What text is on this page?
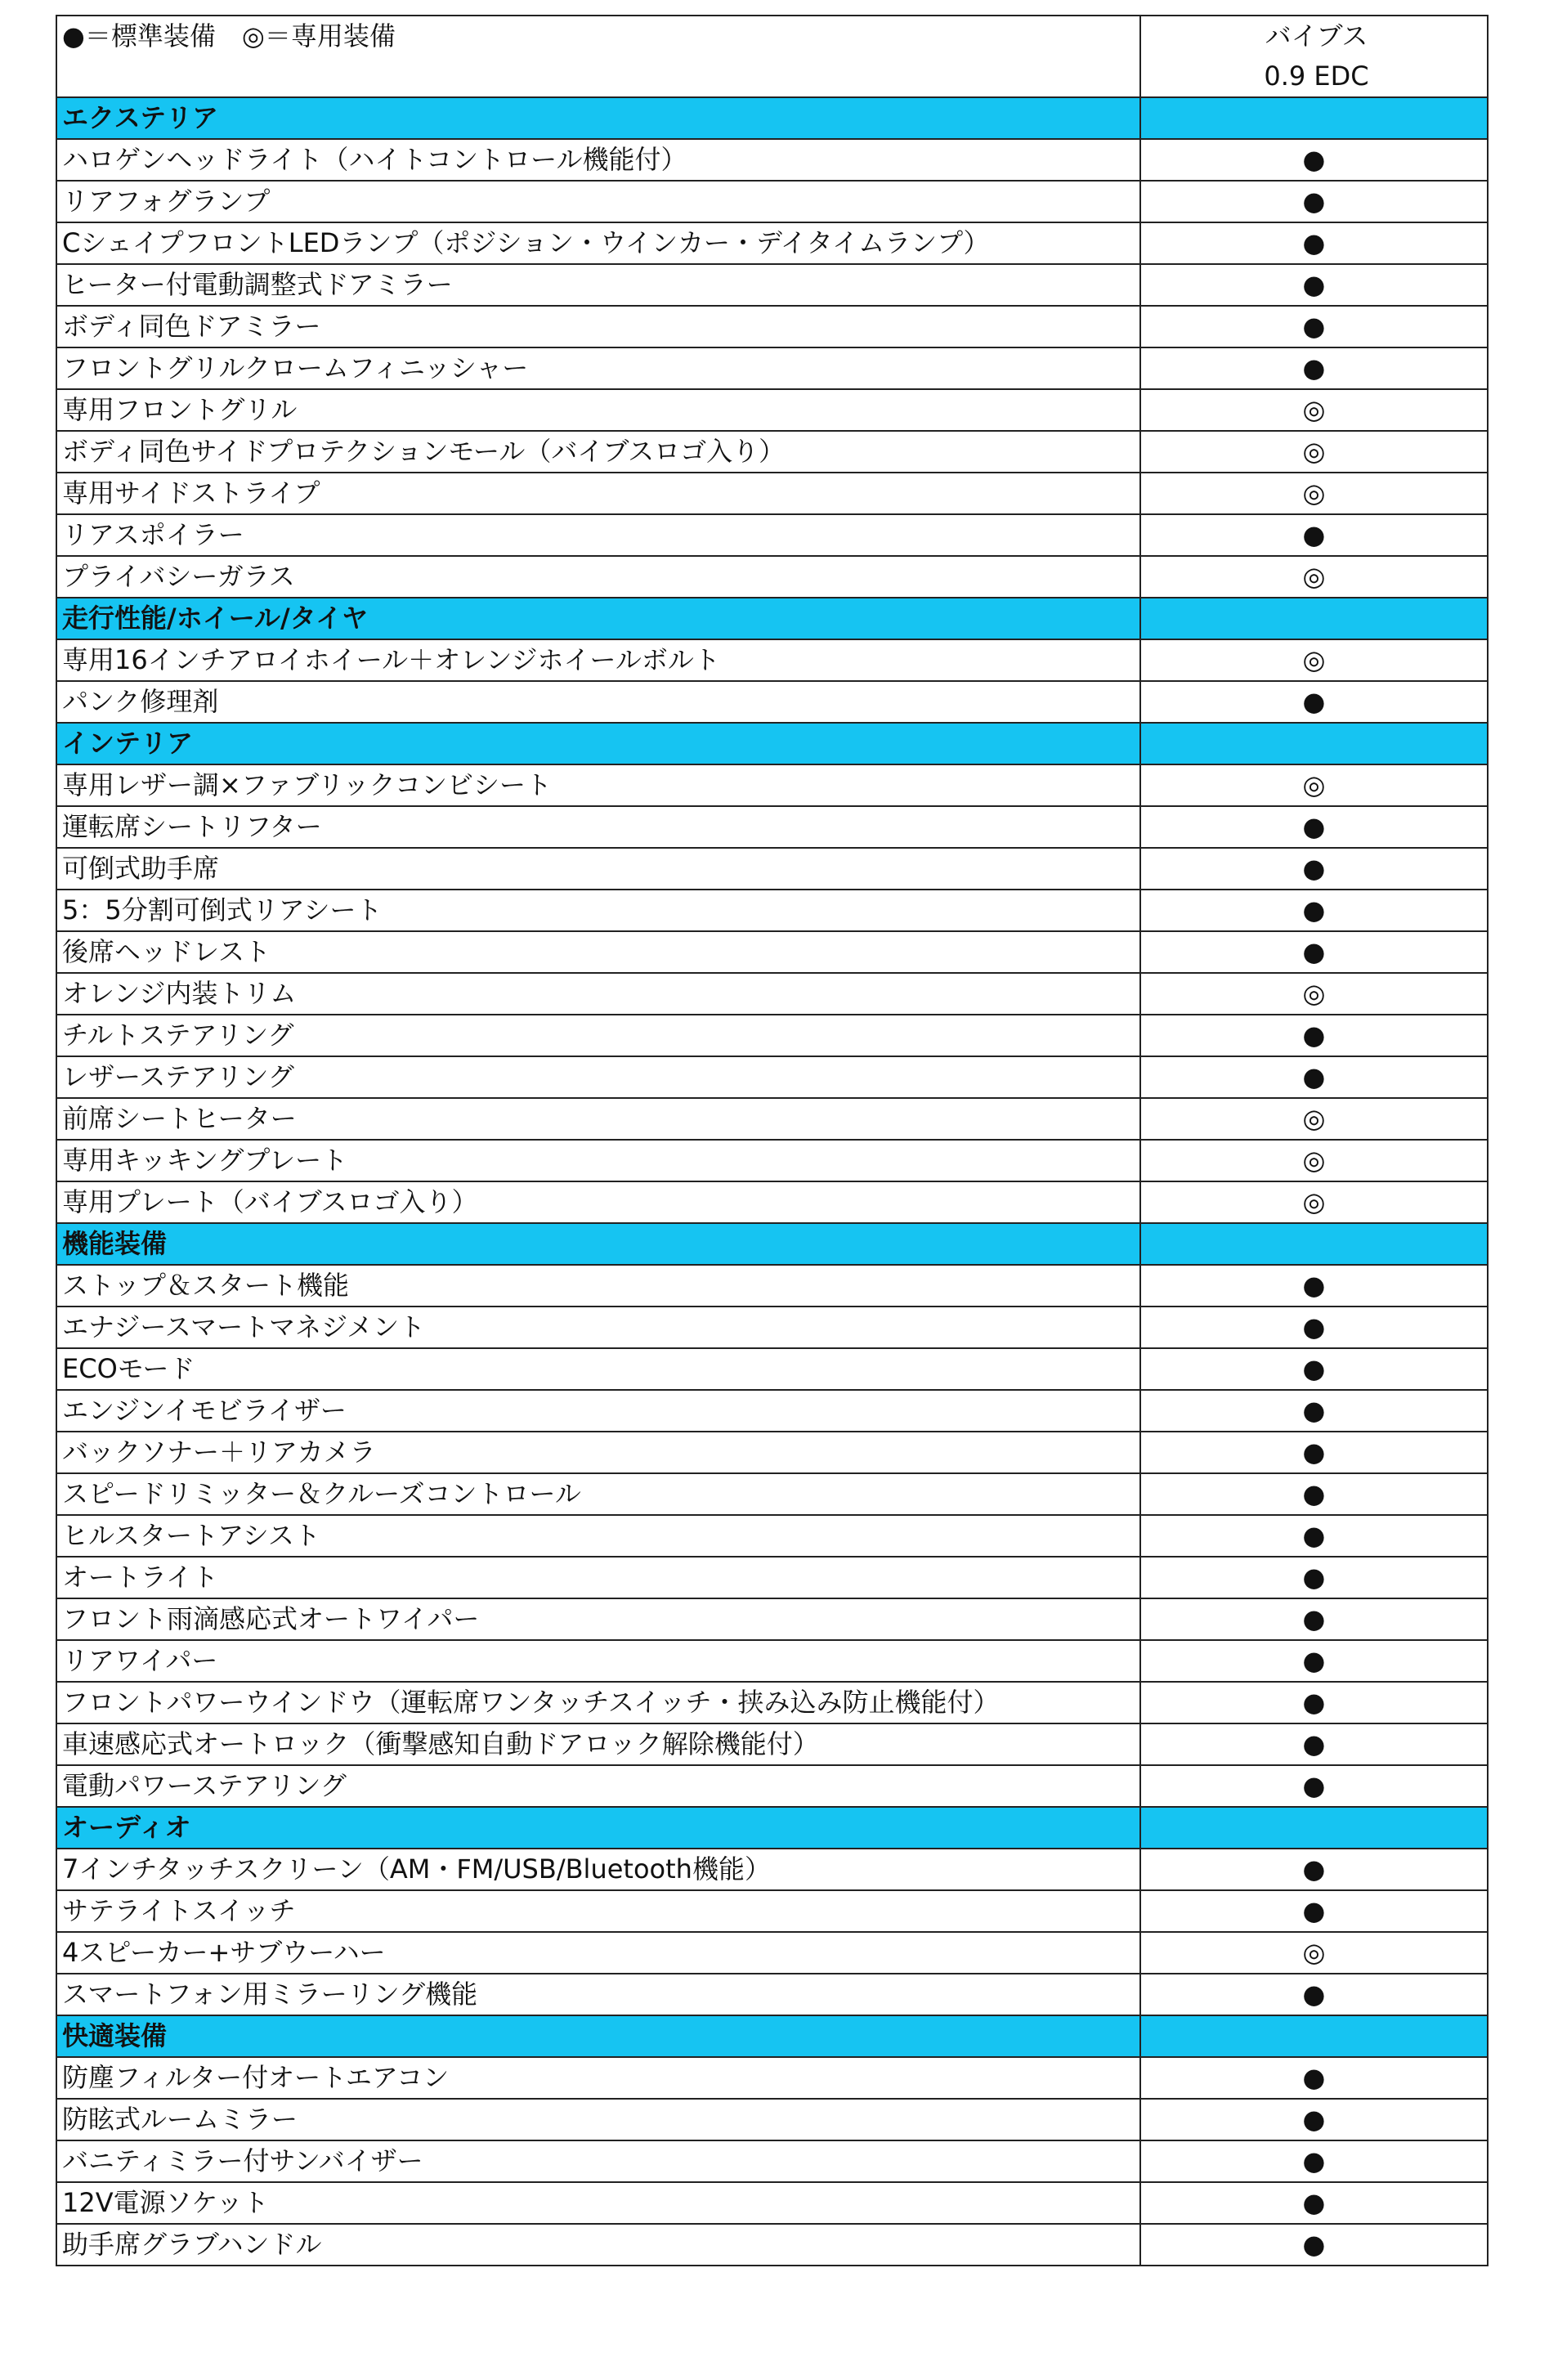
●＝標準装備　◎＝専用装備	バイブス
0.9 EDC

エクステリア	
ハロゲンヘッドライト（ハイトコントロール機能付）	●
リアフォグランプ	●
CシェイプフロントLEDランプ（ポジション・ウインカー・デイタイムランプ）	●
ヒーター付電動調整式ドアミラー	●
ボディ同色ドアミラー	●
フロントグリルクロームフィニッシャー	●
専用フロントグリル	◎
ボディ同色サイドプロテクションモール（バイブスロゴ入り）	◎
専用サイドストライプ	◎
リアスポイラー	●
プライバシーガラス	◎
走行性能/ホイール/タイヤ	
専用16インチアロイホイール＋オレンジホイールボルト	◎
パンク修理剤	●
インテリア	
専用レザー調×ファブリックコンビシート	◎
運転席シートリフター	●
可倒式助手席	●
5：5分割可倒式リアシート	●
後席ヘッドレスト	●
オレンジ内装トリム	◎
チルトステアリング	●
レザーステアリング	●
前席シートヒーター	◎
専用キッキングプレート	◎
専用プレート（バイブスロゴ入り）	◎
機能装備	
ストップ＆スタート機能	●
エナジースマートマネジメント	●
ECOモード	●
エンジンイモビライザー	●
バックソナー＋リアカメラ	●
スピードリミッター＆クルーズコントロール	●
ヒルスタートアシスト	●
オートライト	●
フロント雨滴感応式オートワイパー	●
リアワイパー	●
フロントパワーウインドウ（運転席ワンタッチスイッチ・挟み込み防止機能付）	●
車速感応式オートロック（衝撃感知自動ドアロック解除機能付）	●
電動パワーステアリング	●
オーディオ	
7インチタッチスクリーン（AM・FM/USB/Bluetooth機能）	●
サテライトスイッチ	●
4スピーカー+サブウーハー	◎
スマートフォン用ミラーリング機能	●
快適装備	
防塵フィルター付オートエアコン	●
防眩式ルームミラー	●
バニティミラー付サンバイザー	●
12V電源ソケット	●
助手席グラブハンドル	●
